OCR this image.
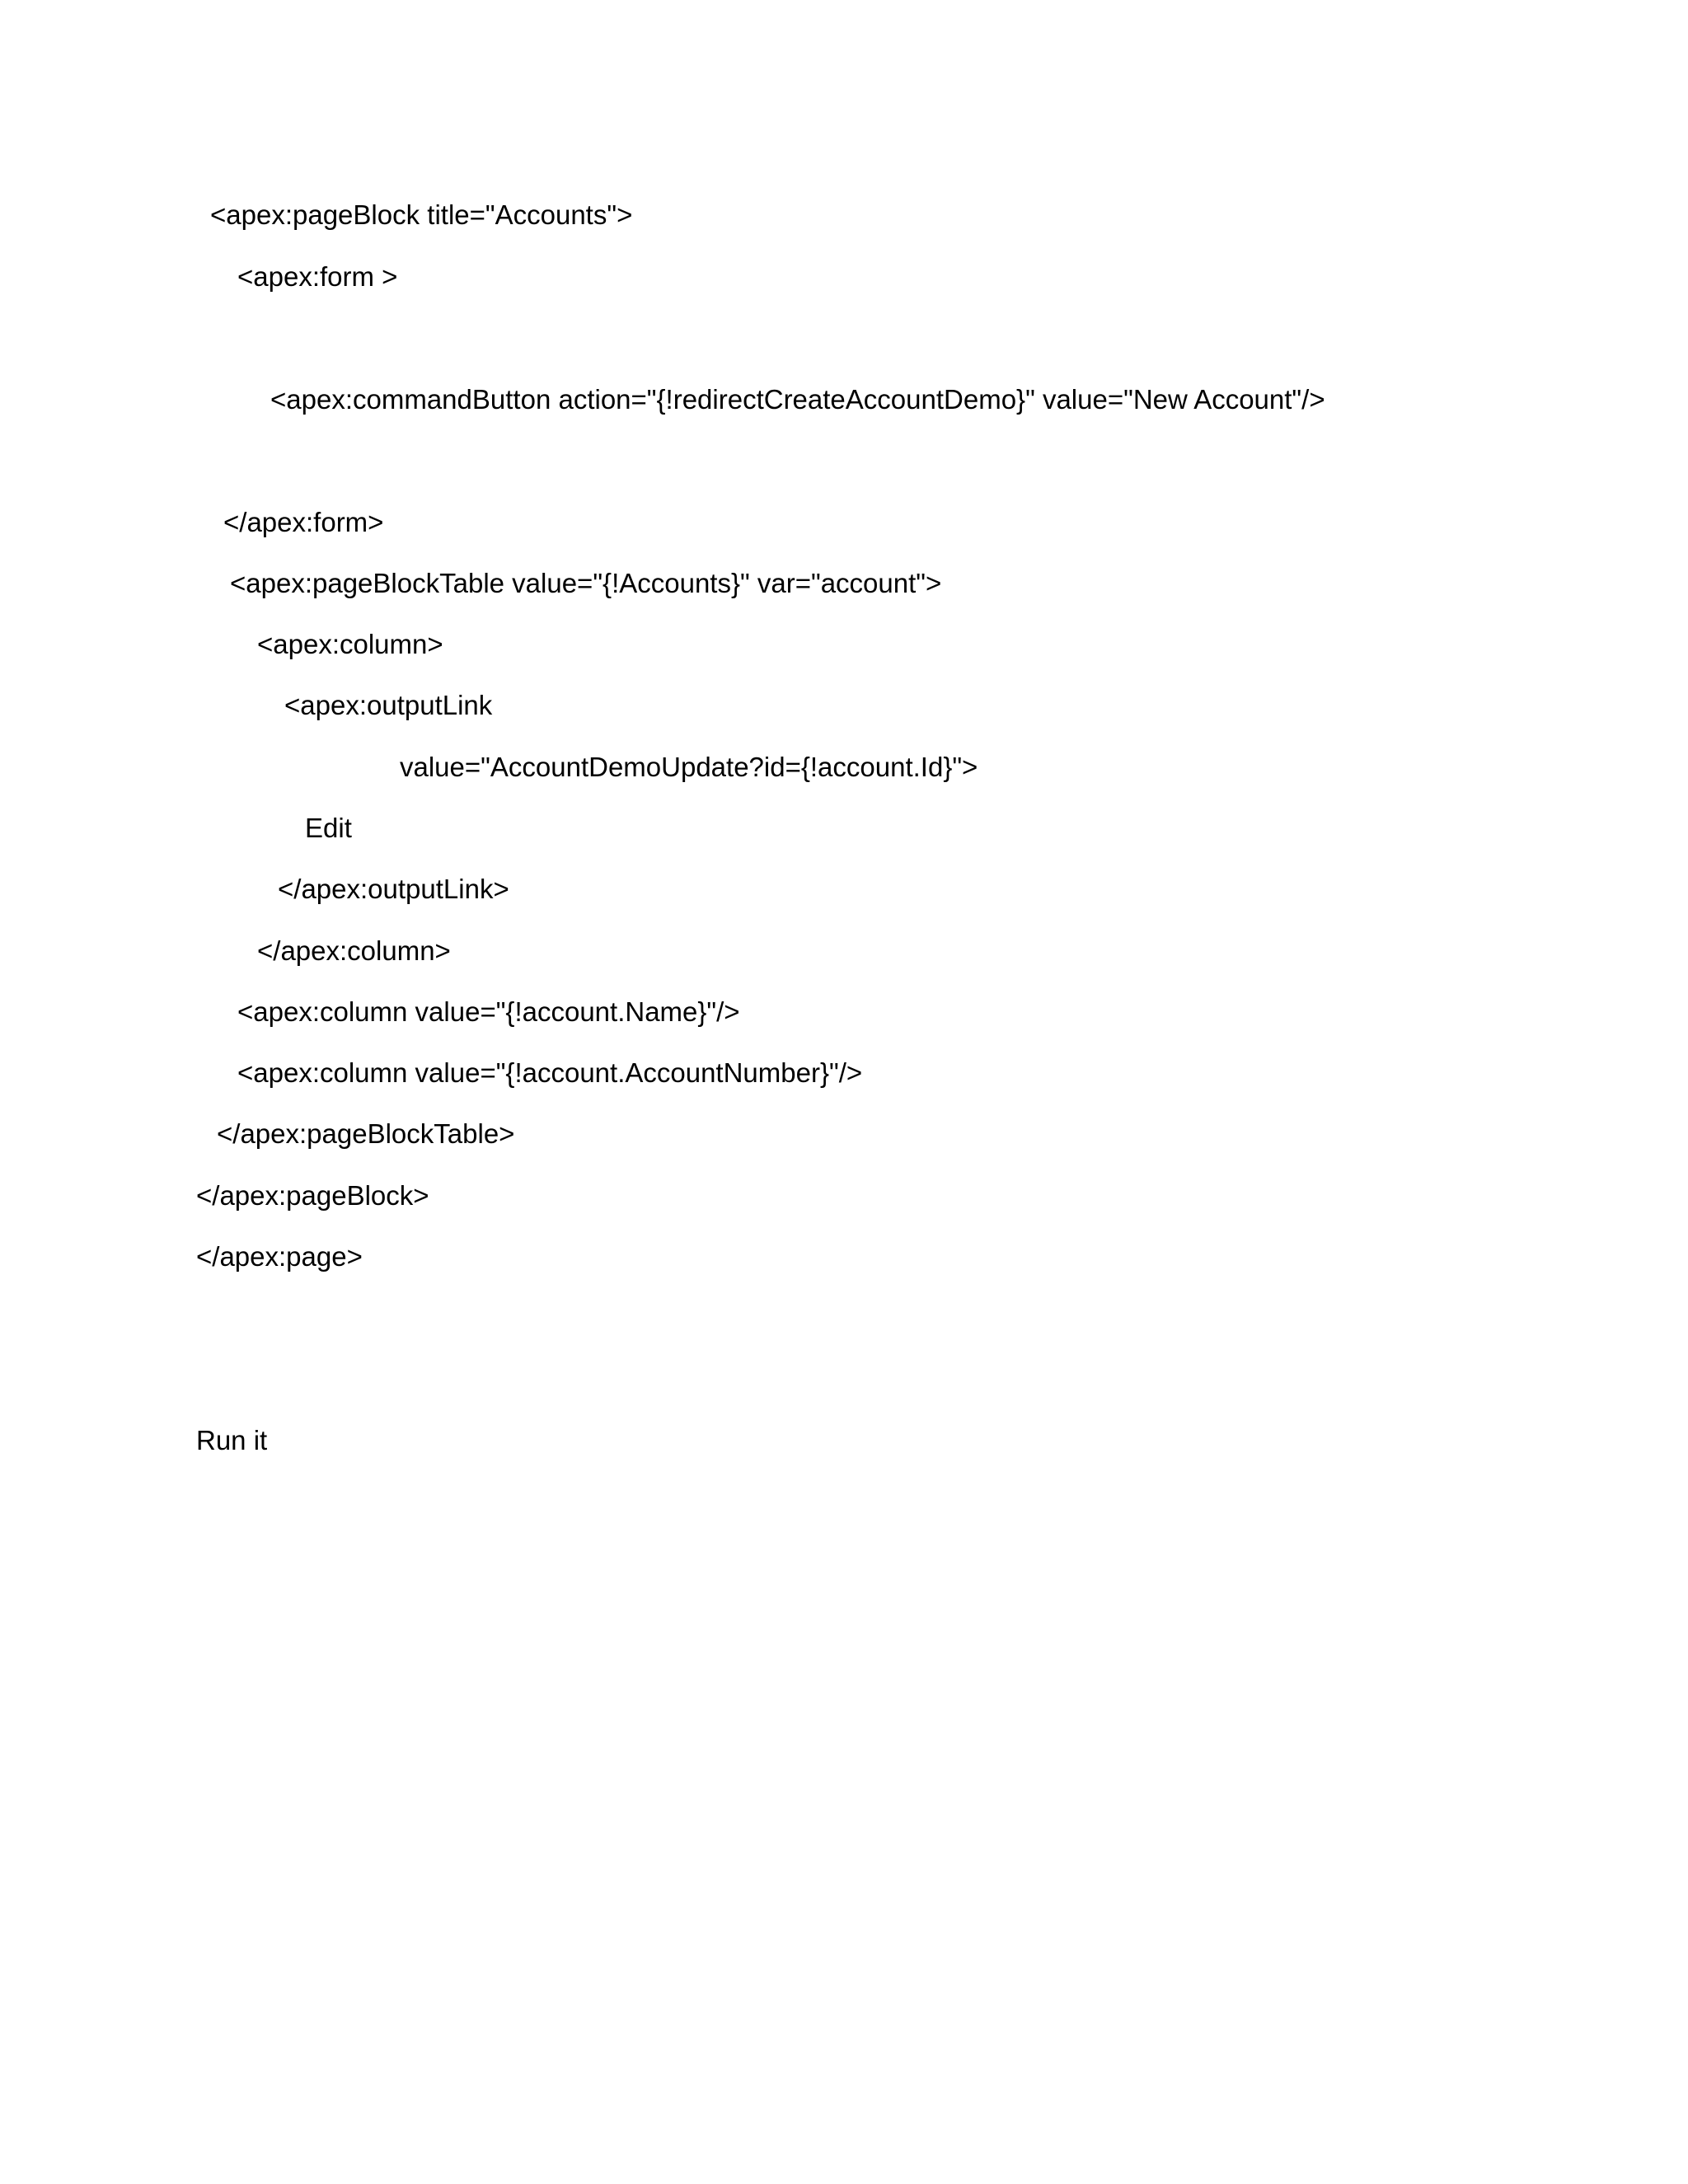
<apex:pageBlock title="Accounts">
<apex:form >
<apex:commandButton action="{!redirectCreateAccountDemo}" value="New Account"/>
</apex:form>
<apex:pageBlockTable value="{!Accounts}" var="account">
<apex:column>
<apex:outputLink
value="AccountDemoUpdate?id={!account.Id}">
Edit
</apex:outputLink>
</apex:column>
<apex:column value="{!account.Name}"/>
<apex:column value="{!account.AccountNumber}"/>
</apex:pageBlockTable>
</apex:pageBlock>
</apex:page>
Run it
